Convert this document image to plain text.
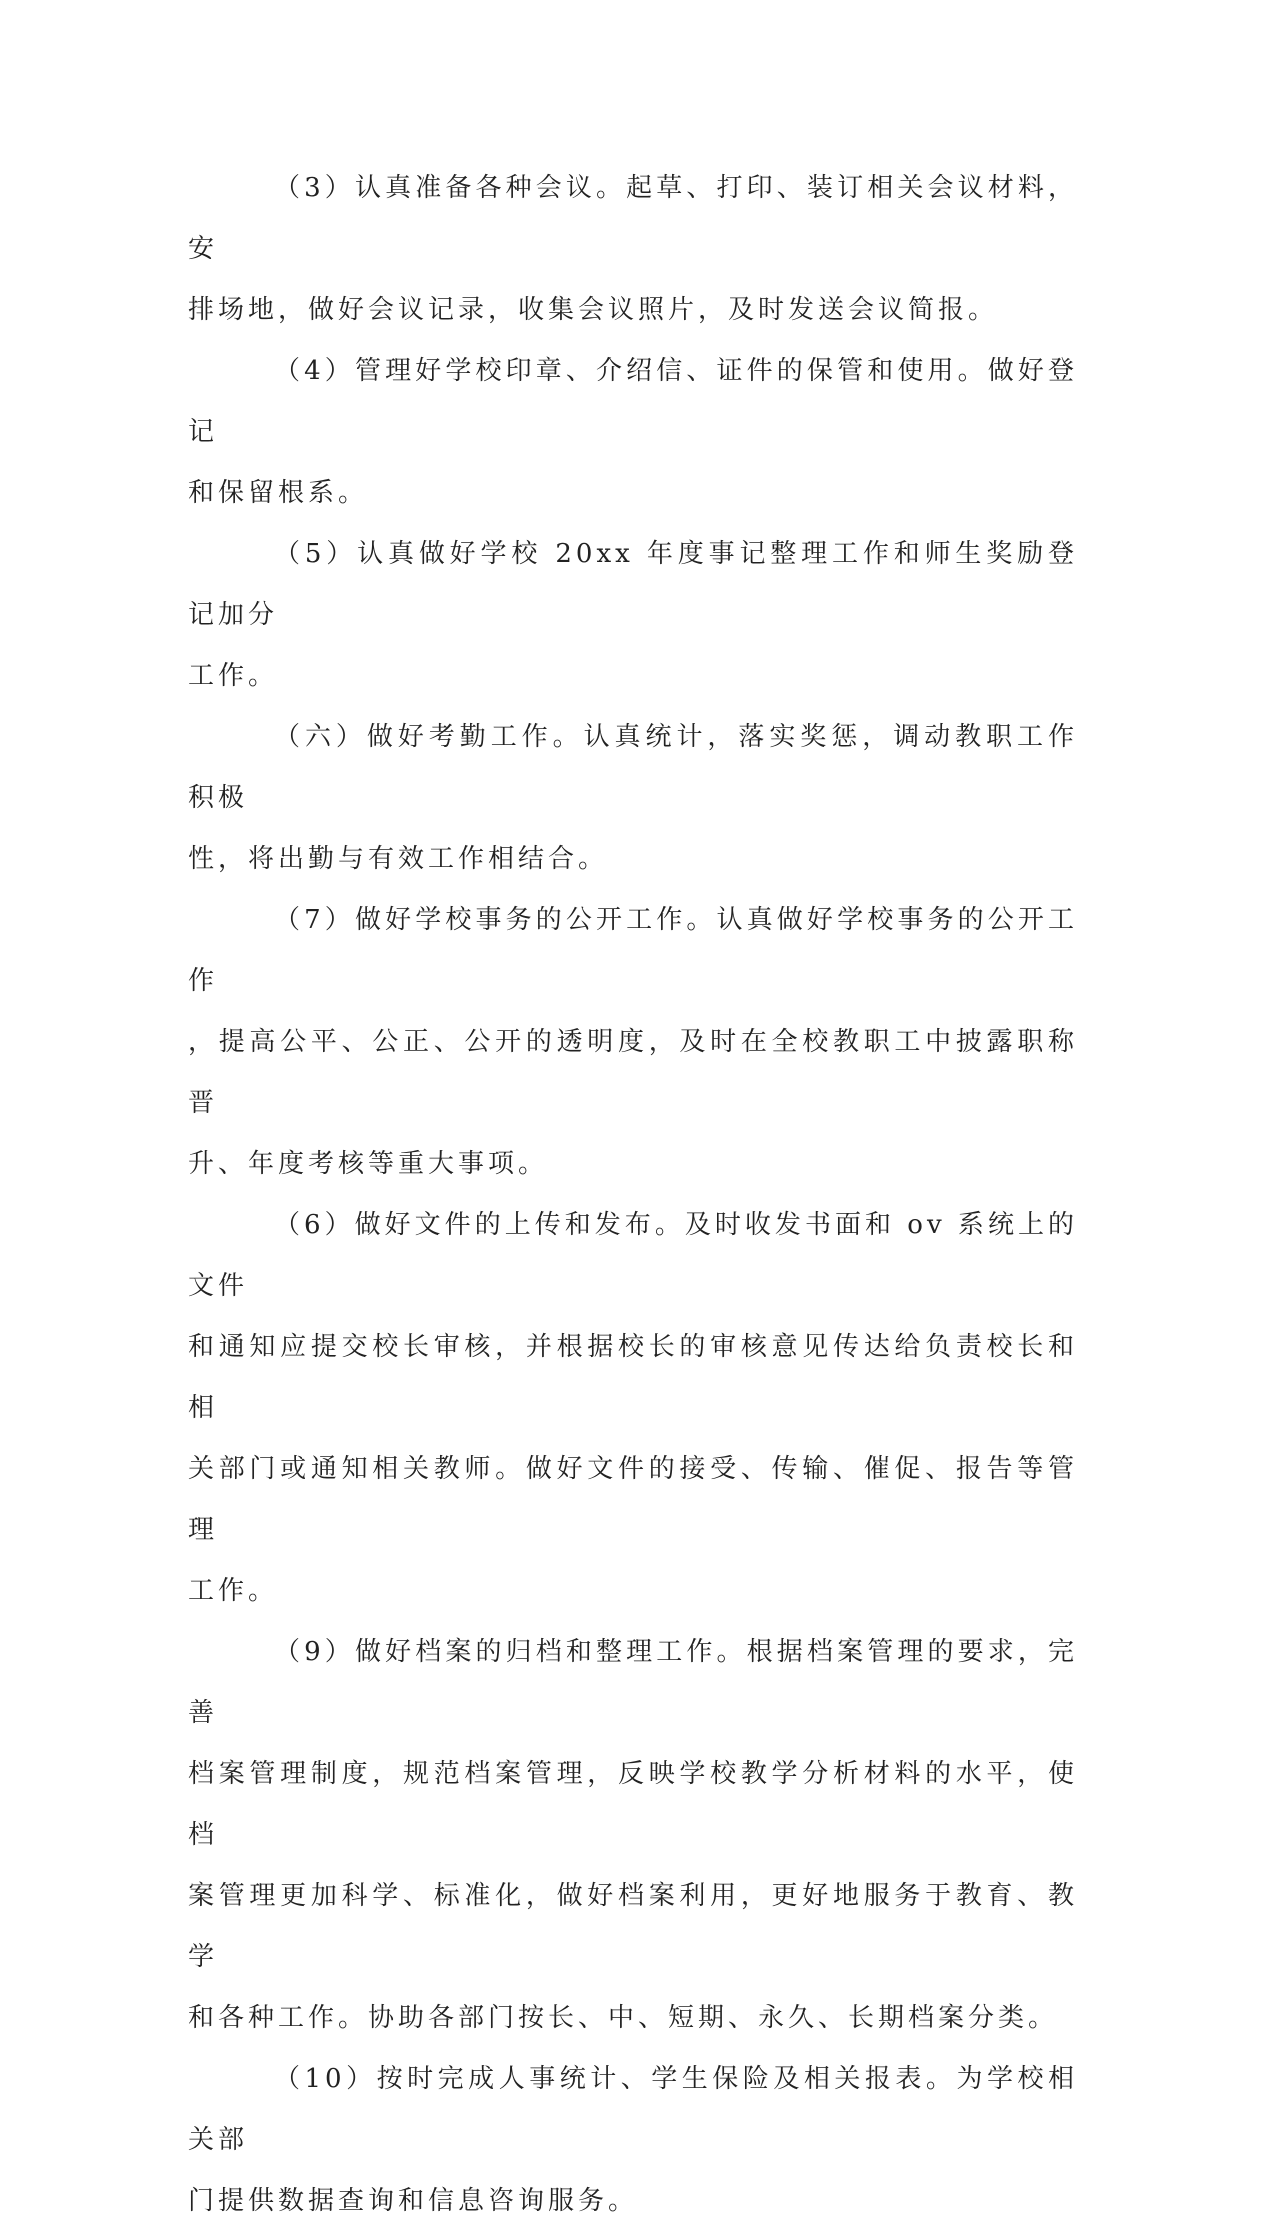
（3）认真准备各种会议。起草、打印、装订相关会议材料，安
排场地，做好会议记录，收集会议照片，及时发送会议简报。

（4）管理好学校印章、介绍信、证件的保管和使用。做好登记
和保留根系。

（5）认真做好学校 20xx 年度事记整理工作和师生奖励登记加分
工作。

（六）做好考勤工作。认真统计，落实奖惩，调动教职工作积极
性，将出勤与有效工作相结合。

（7）做好学校事务的公开工作。认真做好学校事务的公开工作
，提高公平、公正、公开的透明度，及时在全校教职工中披露职称晋
升、年度考核等重大事项。

（6）做好文件的上传和发布。及时收发书面和 ov 系统上的文件
和通知应提交校长审核，并根据校长的审核意见传达给负责校长和相
关部门或通知相关教师。做好文件的接受、传输、催促、报告等管理
工作。

（9）做好档案的归档和整理工作。根据档案管理的要求，完善
档案管理制度，规范档案管理，反映学校教学分析材料的水平，使档
案管理更加科学、标准化，做好档案利用，更好地服务于教育、教学
和各种工作。协助各部门按长、中、短期、永久、长期档案分类。

（10）按时完成人事统计、学生保险及相关报表。为学校相关部
门提供数据查询和信息咨询服务。
